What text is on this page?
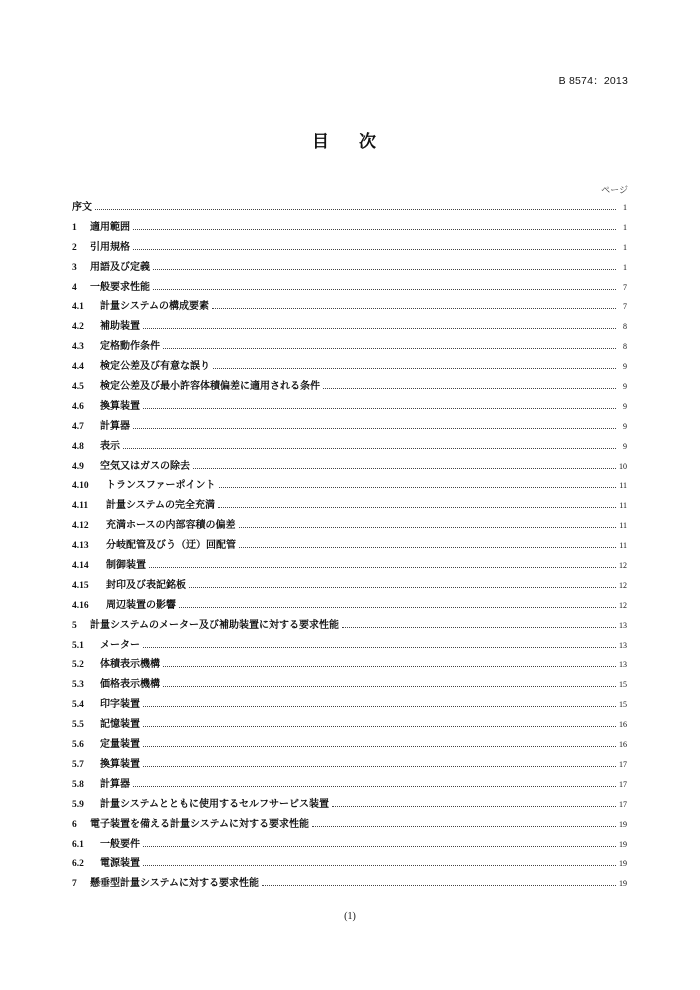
B 8574：2013
目 次
ページ
序文	1
1	適用範囲	1
2	引用規格	1
3	用語及び定義	1
4	一般要求性能	7
4.1	計量システムの構成要素	7
4.2	補助装置	8
4.3	定格動作条件	8
4.4	検定公差及び有意な誤り	9
4.5	検定公差及び最小許容体積偏差に適用される条件	9
4.6	換算装置	9
4.7	計算器	9
4.8	表示	9
4.9	空気又はガスの除去	10
4.10	トランスファーポイント	11
4.11	計量システムの完全充満	11
4.12	充満ホースの内部容積の偏差	11
4.13	分岐配管及びう（迂）回配管	11
4.14	制御装置	12
4.15	封印及び表記銘板	12
4.16	周辺装置の影響	12
5	計量システムのメーター及び補助装置に対する要求性能	13
5.1	メーター	13
5.2	体積表示機構	13
5.3	価格表示機構	15
5.4	印字装置	15
5.5	記憶装置	16
5.6	定量装置	16
5.7	換算装置	17
5.8	計算器	17
5.9	計量システムとともに使用するセルフサービス装置	17
6	電子装置を備える計量システムに対する要求性能	19
6.1	一般要件	19
6.2	電源装置	19
7	懸垂型計量システムに対する要求性能	19
(1)
